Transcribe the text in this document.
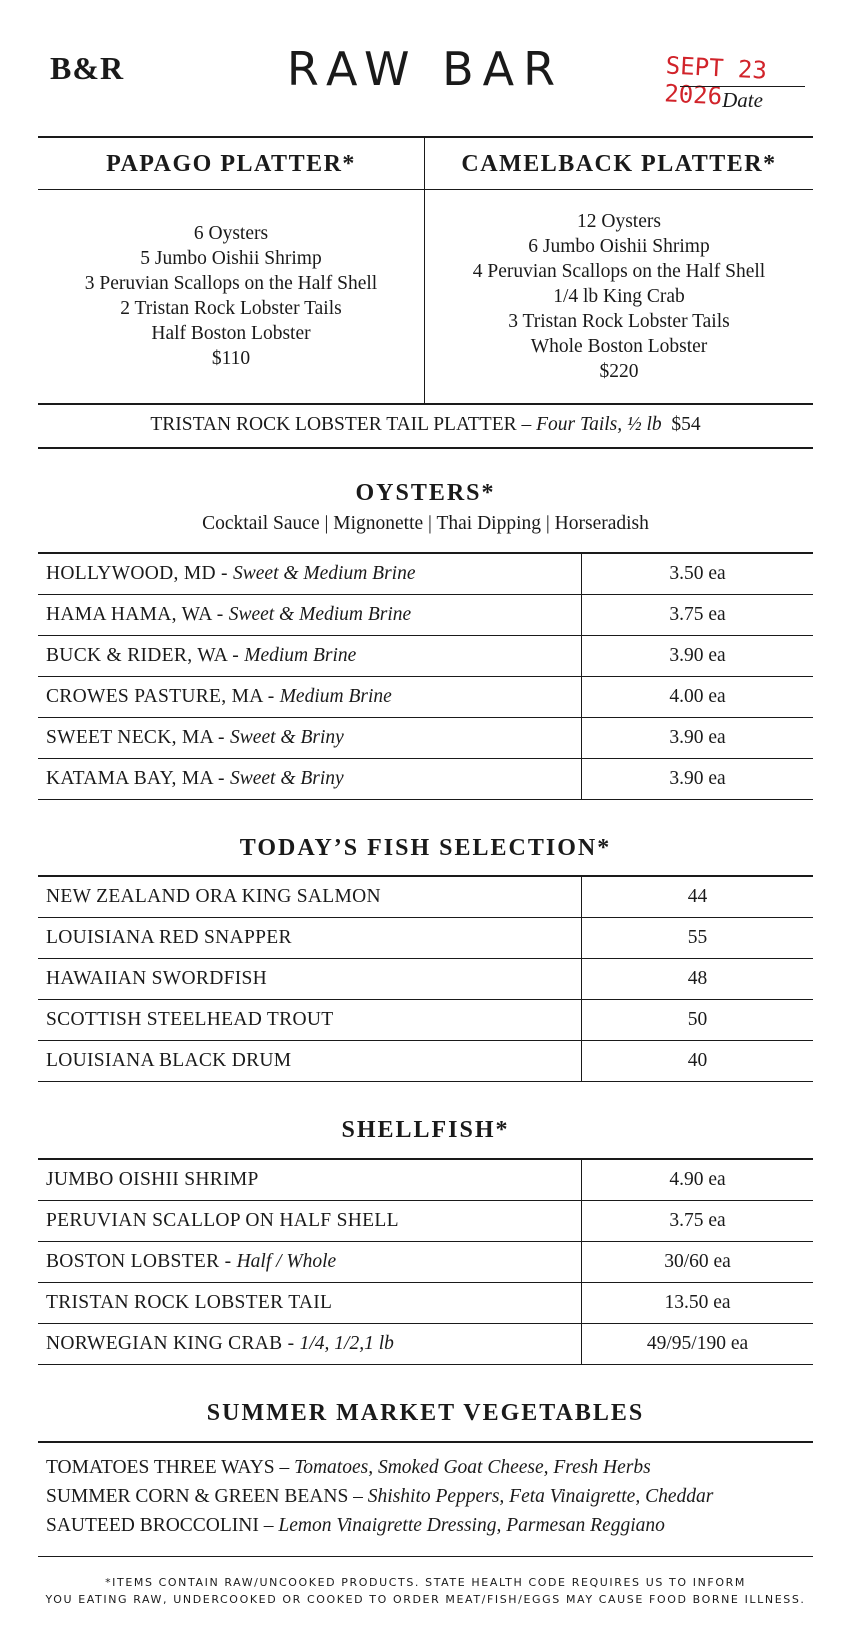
B&R	RAW BAR	SEPT 23 2026 Date
PAPAGO PLATTER*
6 Oysters
5 Jumbo Oishii Shrimp
3 Peruvian Scallops on the Half Shell
2 Tristan Rock Lobster Tails
Half Boston Lobster
$110
CAMELBACK PLATTER*
12 Oysters
6 Jumbo Oishii Shrimp
4 Peruvian Scallops on the Half Shell
1/4 lb King Crab
3 Tristan Rock Lobster Tails
Whole Boston Lobster
$220
TRISTAN ROCK LOBSTER TAIL PLATTER – Four Tails, ½ lb $54
OYSTERS*
Cocktail Sauce | Mignonette | Thai Dipping | Horseradish
HOLLYWOOD, MD - Sweet & Medium Brine	3.50 ea
HAMA HAMA, WA - Sweet & Medium Brine	3.75 ea
BUCK & RIDER, WA - Medium Brine	3.90 ea
CROWES PASTURE, MA - Medium Brine	4.00 ea
SWEET NECK, MA - Sweet & Briny	3.90 ea
KATAMA BAY, MA - Sweet & Briny	3.90 ea
TODAY’S FISH SELECTION*
NEW ZEALAND ORA KING SALMON	44
LOUISIANA RED SNAPPER	55
HAWAIIAN SWORDFISH	48
SCOTTISH STEELHEAD TROUT	50
LOUISIANA BLACK DRUM	40
SHELLFISH*
JUMBO OISHII SHRIMP	4.90 ea
PERUVIAN SCALLOP ON HALF SHELL	3.75 ea
BOSTON LOBSTER - Half / Whole	30/60 ea
TRISTAN ROCK LOBSTER TAIL	13.50 ea
NORWEGIAN KING CRAB - 1/4, 1/2,1 lb	49/95/190 ea
SUMMER MARKET VEGETABLES
TOMATOES THREE WAYS – Tomatoes, Smoked Goat Cheese, Fresh Herbs
SUMMER CORN & GREEN BEANS – Shishito Peppers, Feta Vinaigrette, Cheddar
SAUTEED BROCCOLINI – Lemon Vinaigrette Dressing, Parmesan Reggiano
*ITEMS CONTAIN RAW/UNCOOKED PRODUCTS. STATE HEALTH CODE REQUIRES US TO INFORM
YOU EATING RAW, UNDERCOOKED OR COOKED TO ORDER MEAT/FISH/EGGS MAY CAUSE FOOD BORNE ILLNESS.
